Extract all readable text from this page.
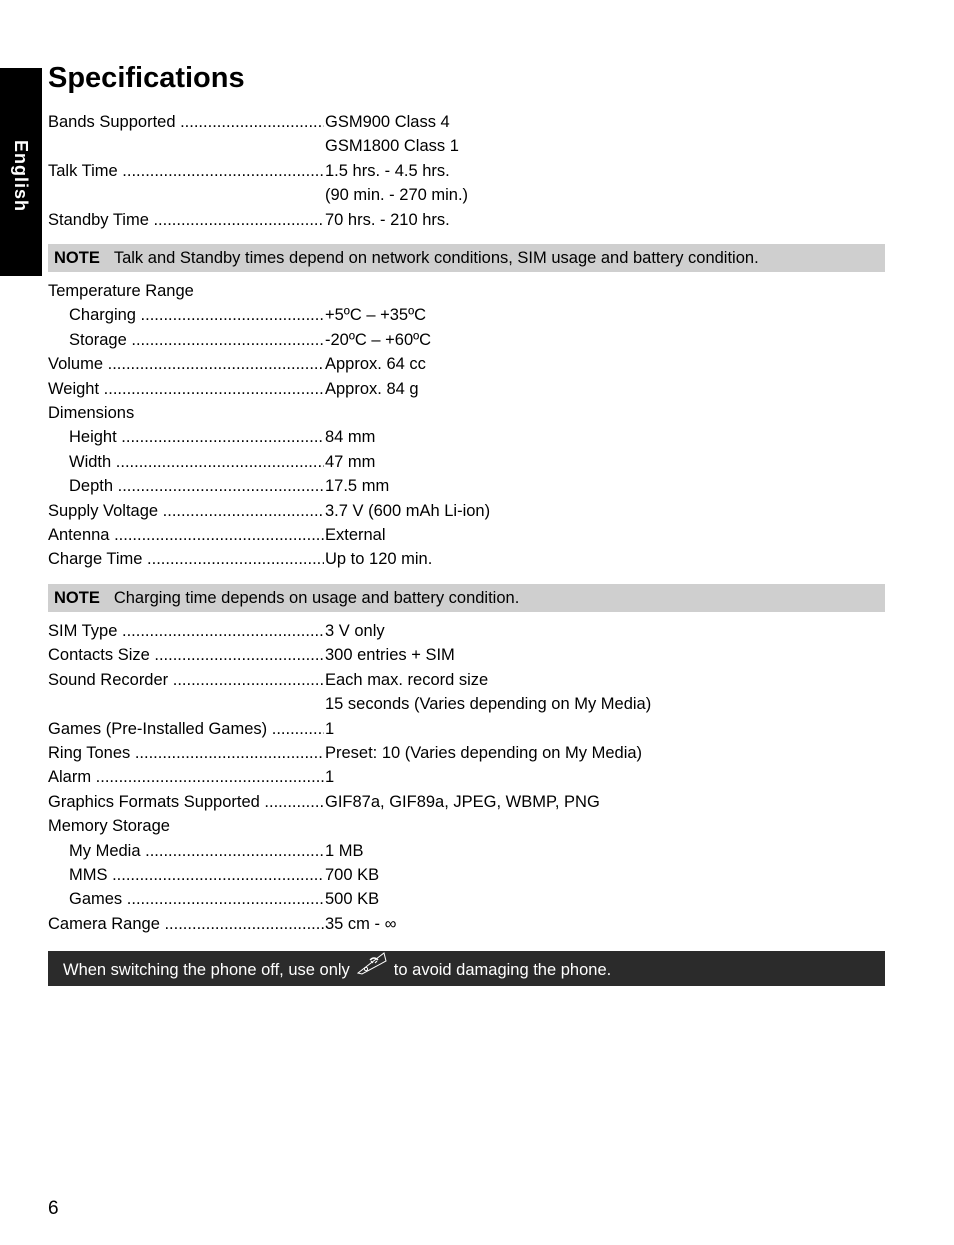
English
Specifications
Bands Supported .....	GSM900 Class 4
GSM1800 Class 1
Talk Time .....	1.5 hrs. - 4.5 hrs.
(90 min. - 270 min.)
Standby Time .....	70 hrs. - 210 hrs.
NOTE Talk and Standby times depend on network conditions, SIM usage and battery condition.
Temperature Range
Charging .....	+5ºC – +35ºC
Storage .....	-20ºC – +60ºC
Volume .....	Approx. 64 cc
Weight .....	Approx. 84 g
Dimensions
Height .....	84 mm
Width .....	47 mm
Depth .....	17.5 mm
Supply Voltage .....	3.7 V (600 mAh Li-ion)
Antenna .....	External
Charge Time .....	Up to 120 min.
NOTE Charging time depends on usage and battery condition.
SIM Type .....	3 V only
Contacts Size .....	300 entries + SIM
Sound Recorder .....	Each max. record size
15 seconds (Varies depending on My Media)
Games (Pre-Installed Games) .....	1
Ring Tones .....	Preset: 10 (Varies depending on My Media)
Alarm .....	1
Graphics Formats Supported .....	GIF87a, GIF89a, JPEG, WBMP, PNG
Memory Storage
My Media .....	1 MB
MMS .....	700 KB
Games .....	500 KB
Camera Range .....	35 cm - ∞
When switching the phone off, use only	to avoid damaging the phone.
6
